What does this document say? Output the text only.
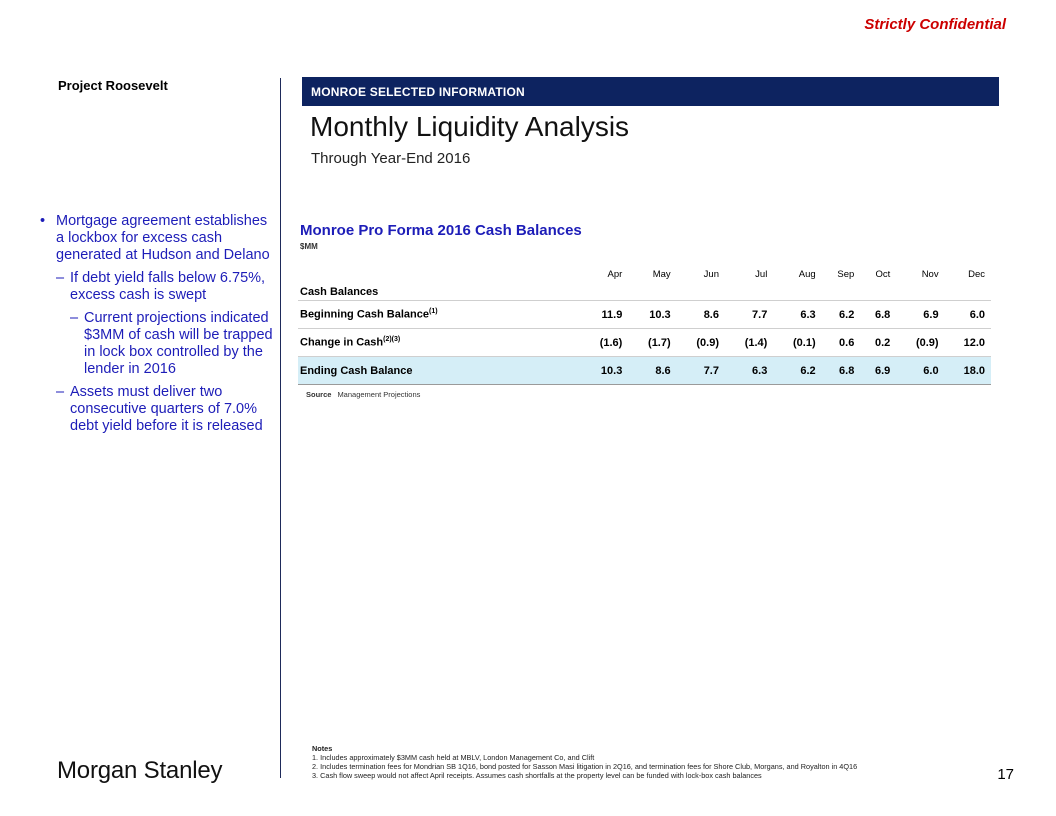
Strictly Confidential
Project Roosevelt
• Mortgage agreement establishes a lockbox for excess cash generated at Hudson and Delano
– If debt yield falls below 6.75%, excess cash is swept
– Current projections indicated $3MM of cash will be trapped in lock box controlled by the lender in 2016
– Assets must deliver two consecutive quarters of 7.0% debt yield before it is released
MONROE SELECTED INFORMATION
Monthly Liquidity Analysis
Through Year-End 2016
Monroe Pro Forma 2016 Cash Balances
$MM
	Apr	May	Jun	Jul	Aug	Sep	Oct	Nov	Dec
Cash Balances									
Beginning Cash Balance$^{(1)}$	11.9	10.3	8.6	7.7	6.3	6.2	6.8	6.9	6.0
Change in Cash$^{(2)(3)}$	(1.6)	(1.7)	(0.9)	(1.4)	(0.1)	0.6	0.2	(0.9)	12.0
Ending Cash Balance	10.3	8.6	7.7	6.3	6.2	6.8	6.9	6.0	18.0
Source Management Projections
Notes
1. Includes approximately $3MM cash held at MBLV, London Management Co, and Clift
2. Includes termination fees for Mondrian SB 1Q16, bond posted for Sasson Masi litigation in 2Q16, and termination fees for Shore Club, Morgans, and Royalton in 4Q16
3. Cash flow sweep would not affect April receipts. Assumes cash shortfalls at the property level can be funded with lock-box cash balances
Morgan Stanley	17
